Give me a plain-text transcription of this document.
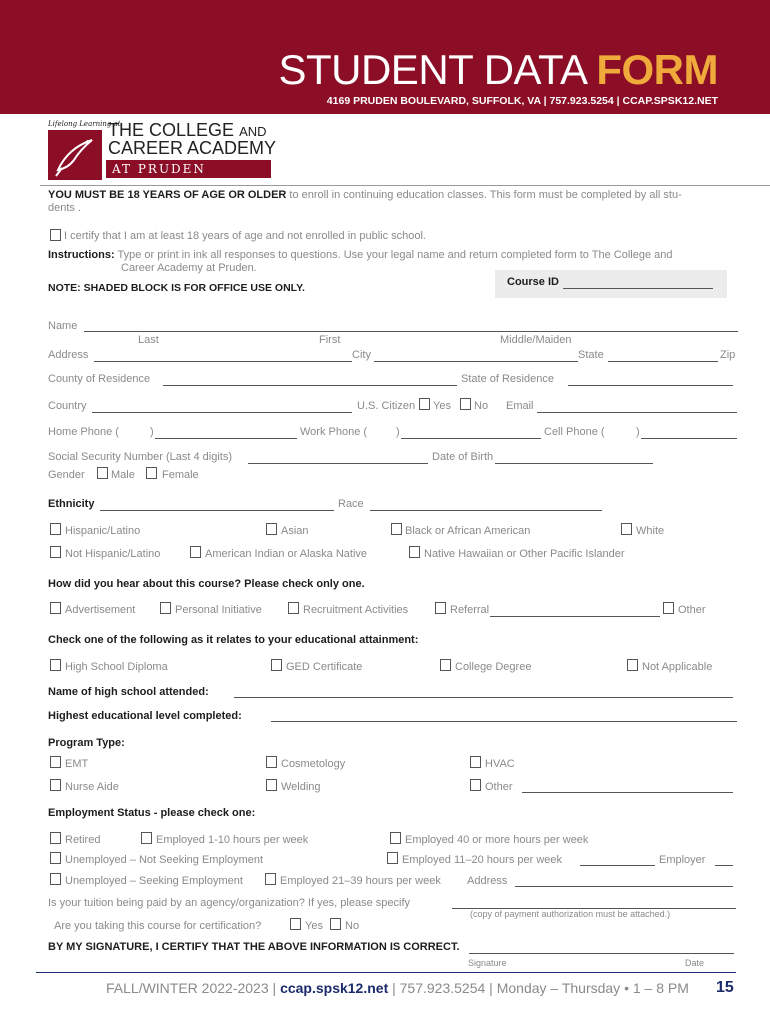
STUDENT DATA FORM
4169 PRUDEN BOULEVARD, SUFFOLK, VA | 757.923.5254 | CCAP.SPSK12.NET
Lifelong Learning at
THE COLLEGE AND
CAREER ACADEMY
AT PRUDEN
YOU MUST BE 18 YEARS OF AGE OR OLDER to enroll in continuing education classes. This form must be completed by all stu-
dents .
I certify that I am at least 18 years of age and not enrolled in public school.
Instructions: Type or print in ink all responses to questions. Use your legal name and return completed form to The College and
Career Academy at Pruden.
Course ID
NOTE: SHADED BLOCK IS FOR OFFICE USE ONLY.
Name
Last	First	Middle/Maiden
Address	City	State	Zip
County of Residence	State of Residence
Country	U.S. Citizen Yes No Email
Home Phone (	)	Work Phone (	)	Cell Phone (	)
Social Security Number (Last 4 digits)	Date of Birth
Gender Male Female
Ethnicity	Race
Hispanic/Latino	Asian	Black or African American	White
Not Hispanic/Latino	American Indian or Alaska Native	Native Hawaiian or Other Pacific Islander
How did you hear about this course? Please check only one.
Advertisement	Personal Initiative	Recruitment Activities	Referral	Other
Check one of the following as it relates to your educational attainment:
High School Diploma	GED Certificate	College Degree	Not Applicable
Name of high school attended:
Highest educational level completed:
Program Type:
EMT	Cosmetology	HVAC
Nurse Aide	Welding	Other
Employment Status - please check one:
Retired	Employed 1-10 hours per week	Employed 40 or more hours per week
Unemployed – Not Seeking Employment	Employed 11–20 hours per week	Employer
Unemployed – Seeking Employment	Employed 21–39 hours per week Address
Is your tuition being paid by an agency/organization? If yes, please specify
(copy of payment authorization must be attached.)
Are you taking this course for certification?	Yes No
BY MY SIGNATURE, I CERTIFY THAT THE ABOVE INFORMATION IS CORRECT.
Signature	Date
FALL/WINTER 2022-2023 | ccap.spsk12.net | 757.923.5254 | Monday – Thursday • 1 – 8 PM 15
